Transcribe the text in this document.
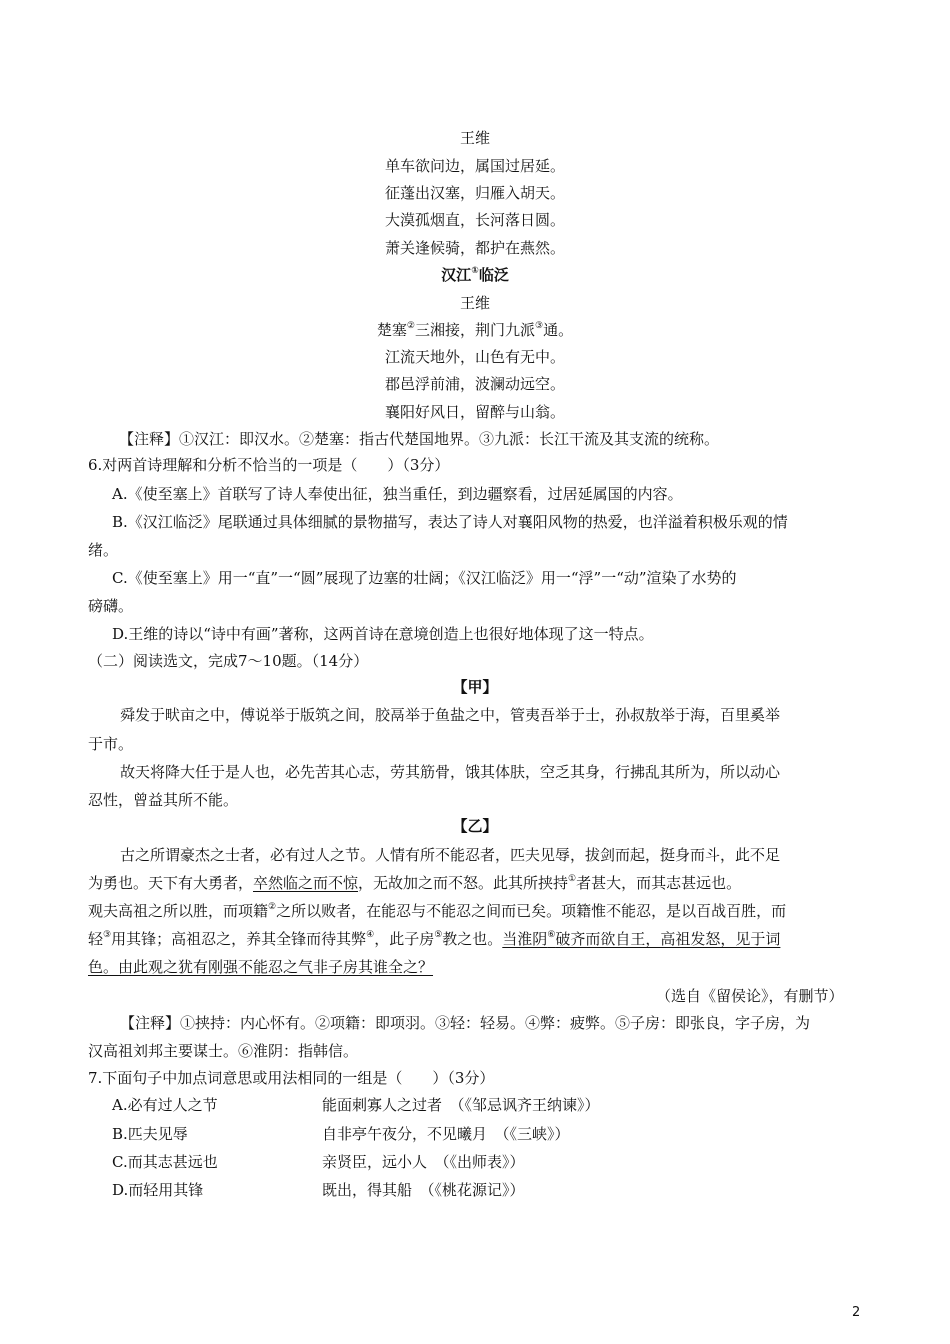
王维
单车欲问边，属国过居延。
征蓬出汉塞，归雁入胡天。
大漠孤烟直，长河落日圆。
萧关逢候骑，都护在燕然。
汉江①临泛
王维
楚塞②三湘接，荆门九派③通。
江流天地外，山色有无中。
郡邑浮前浦，波澜动远空。
襄阳好风日，留醉与山翁。
【注释】①汉江：即汉水。②楚塞：指古代楚国地界。③九派：长江干流及其支流的统称。
6.对两首诗理解和分析不恰当的一项是（　　）（3分）
A.《使至塞上》首联写了诗人奉使出征，独当重任，到边疆察看，过居延属国的内容。
B.《汉江临泛》尾联通过具体细腻的景物描写，表达了诗人对襄阳风物的热爱，也洋溢着积极乐观的情
绪。
C.《使至塞上》用一“直”一“圆”展现了边塞的壮阔；《汉江临泛》用一“浮”一“动”渲染了水势的
磅礴。
D.王维的诗以“诗中有画”著称，这两首诗在意境创造上也很好地体现了这一特点。
（二）阅读选文，完成7～10题。（14分）
【甲】
舜发于畎亩之中，傅说举于版筑之间，胶鬲举于鱼盐之中，管夷吾举于士，孙叔敖举于海，百里奚举
于市。
故天将降大任于是人也，必先苦其心志，劳其筋骨，饿其体肤，空乏其身，行拂乱其所为，所以动心
忍性，曾益其所不能。
【乙】
古之所谓豪杰之士者，必有过人之节。人情有所不能忍者，匹夫见辱，拔剑而起，挺身而斗，此不足
为勇也。天下有大勇者，卒然临之而不惊，无故加之而不怒。此其所挟持①者甚大，而其志甚远也。
观夫高祖之所以胜，而项籍②之所以败者，在能忍与不能忍之间而已矣。项籍惟不能忍，是以百战百胜，而
轻③用其锋；高祖忍之，养其全锋而待其弊④，此子房⑤教之也。当淮阴⑥破齐而欲自王，高祖发怒，见于词
色。由此观之犹有刚强不能忍之气非子房其谁全之？
（选自《留侯论》，有删节）
【注释】①挟持：内心怀有。②项籍：即项羽。③轻：轻易。④弊：疲弊。⑤子房：即张良，字子房，为
汉高祖刘邦主要谋士。⑥淮阴：指韩信。
7.下面句子中加点词意思或用法相同的一组是（　　）（3分）
A.必有过人之节	能面刺寡人之过者　（《邹忌讽齐王纳谏》）
B.匹夫见辱	自非亭午夜分，不见曦月　（《三峡》）
C.而其志甚远也	亲贤臣，远小人　（《出师表》）
D.而轻用其锋	既出，得其船　（《桃花源记》）
2
